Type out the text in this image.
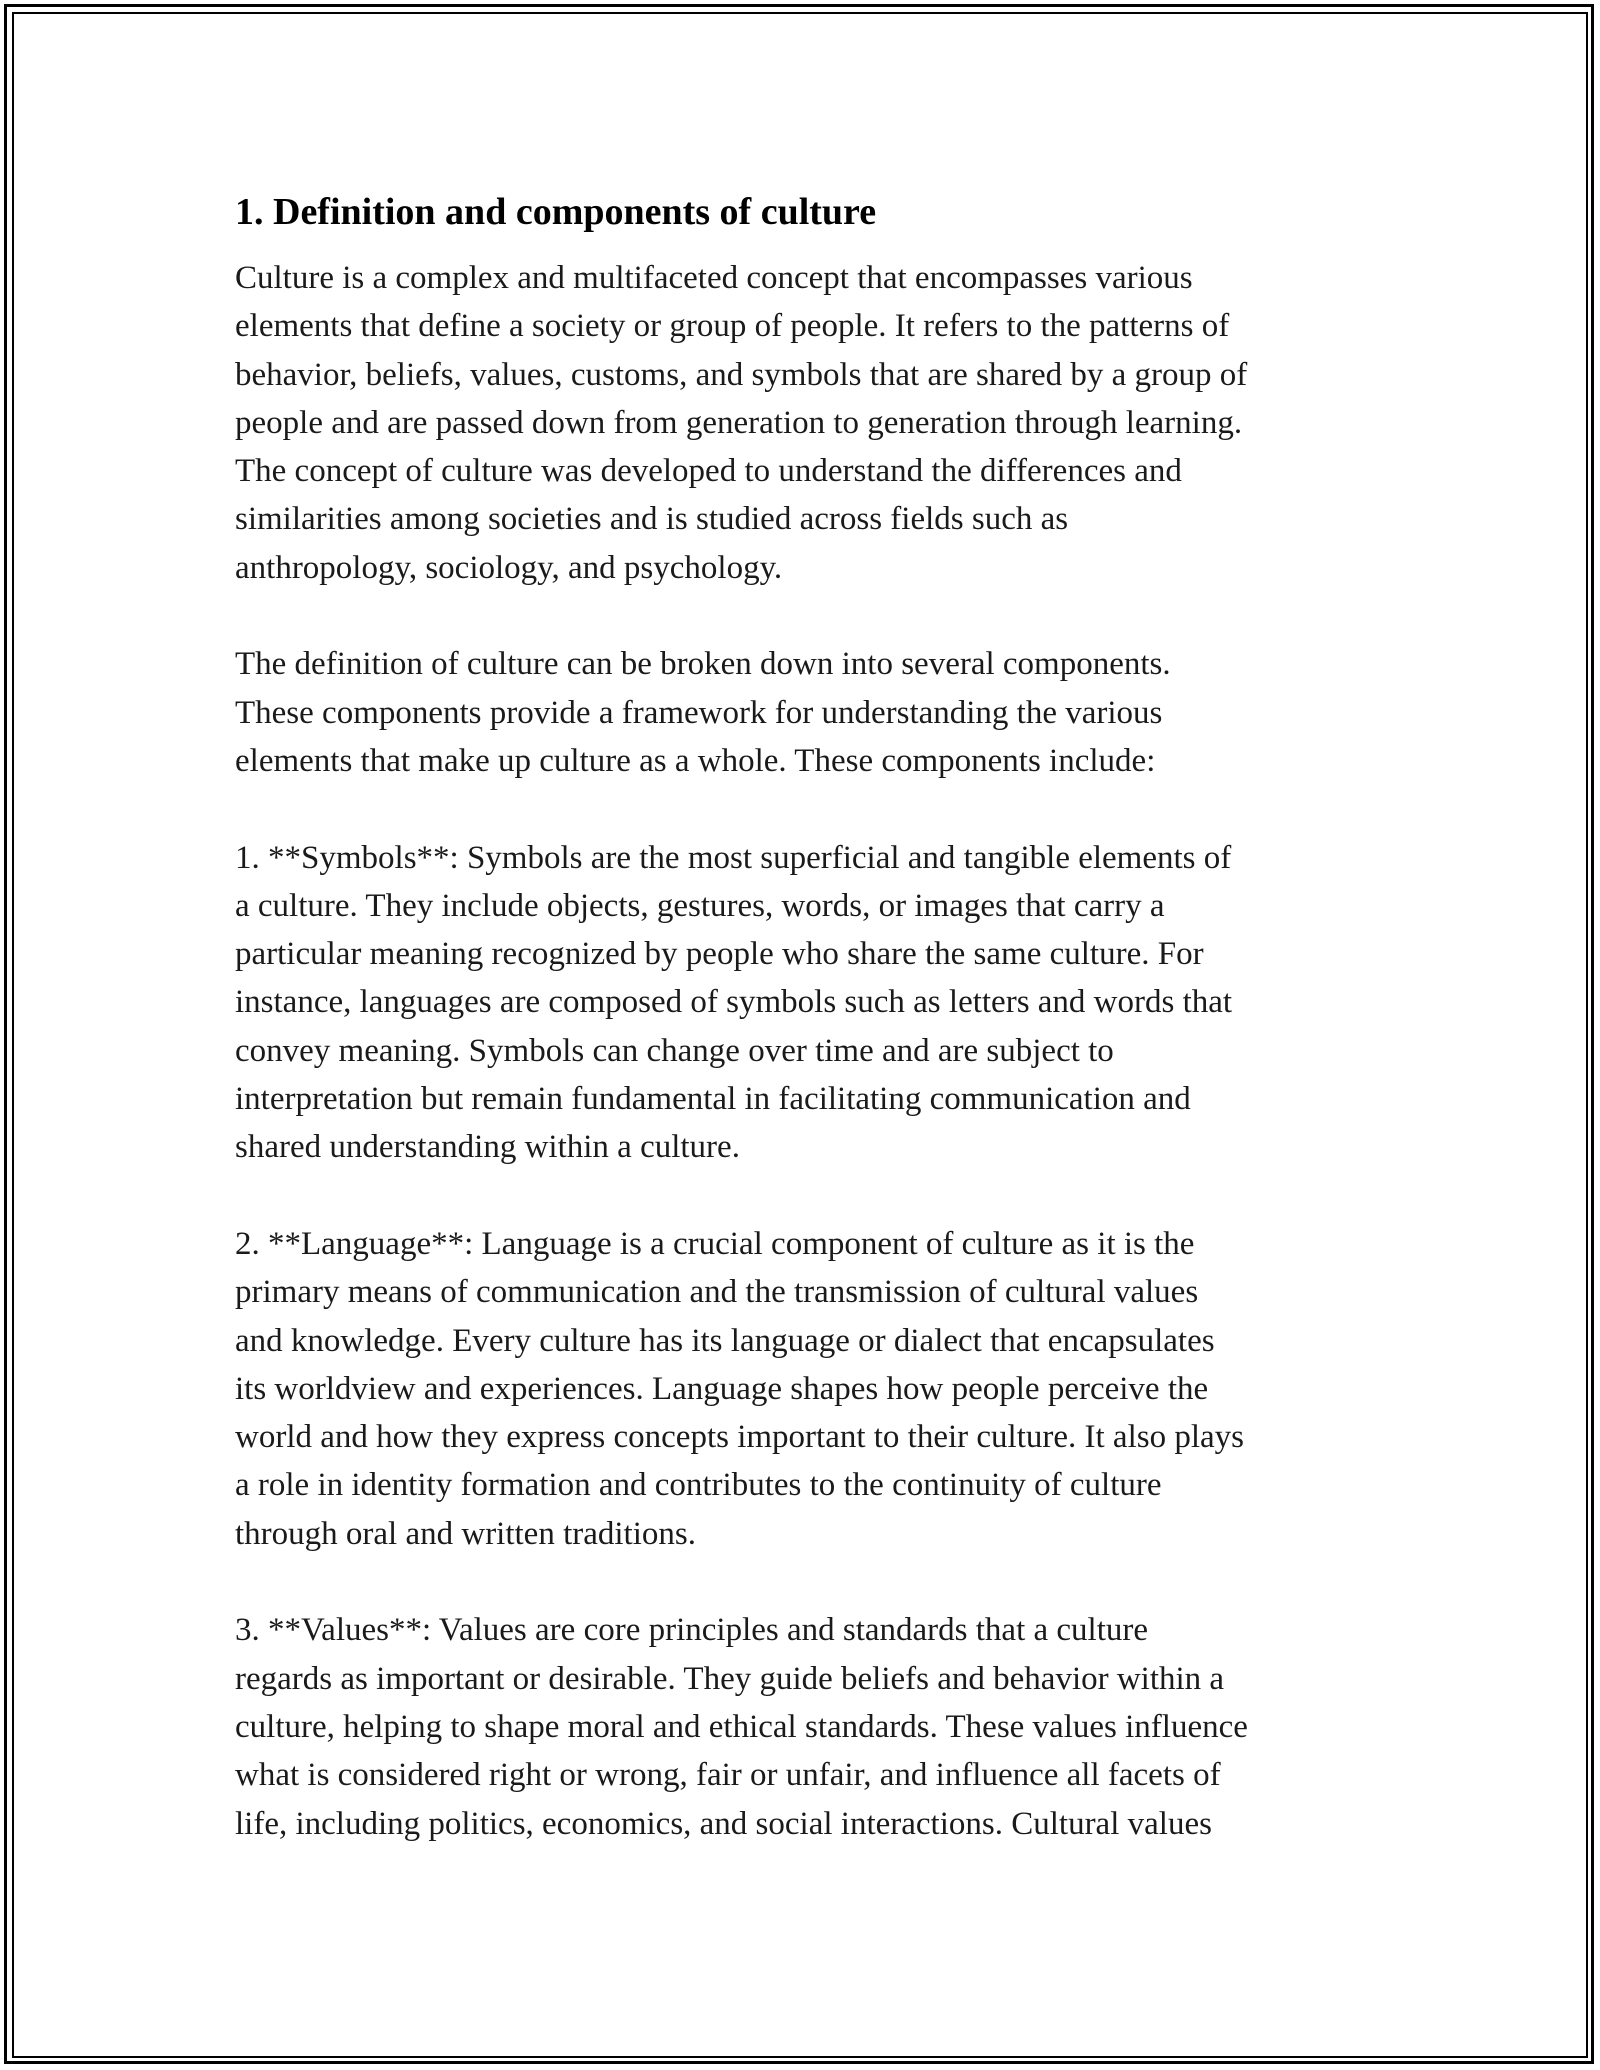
1. Definition and components of culture
Culture is a complex and multifaceted concept that encompasses various
elements that define a society or group of people. It refers to the patterns of
behavior, beliefs, values, customs, and symbols that are shared by a group of
people and are passed down from generation to generation through learning.
The concept of culture was developed to understand the differences and
similarities among societies and is studied across fields such as
anthropology, sociology, and psychology.
The definition of culture can be broken down into several components.
These components provide a framework for understanding the various
elements that make up culture as a whole. These components include:
1. **Symbols**: Symbols are the most superficial and tangible elements of
a culture. They include objects, gestures, words, or images that carry a
particular meaning recognized by people who share the same culture. For
instance, languages are composed of symbols such as letters and words that
convey meaning. Symbols can change over time and are subject to
interpretation but remain fundamental in facilitating communication and
shared understanding within a culture.
2. **Language**: Language is a crucial component of culture as it is the
primary means of communication and the transmission of cultural values
and knowledge. Every culture has its language or dialect that encapsulates
its worldview and experiences. Language shapes how people perceive the
world and how they express concepts important to their culture. It also plays
a role in identity formation and contributes to the continuity of culture
through oral and written traditions.
3. **Values**: Values are core principles and standards that a culture
regards as important or desirable. They guide beliefs and behavior within a
culture, helping to shape moral and ethical standards. These values influence
what is considered right or wrong, fair or unfair, and influence all facets of
life, including politics, economics, and social interactions. Cultural values
